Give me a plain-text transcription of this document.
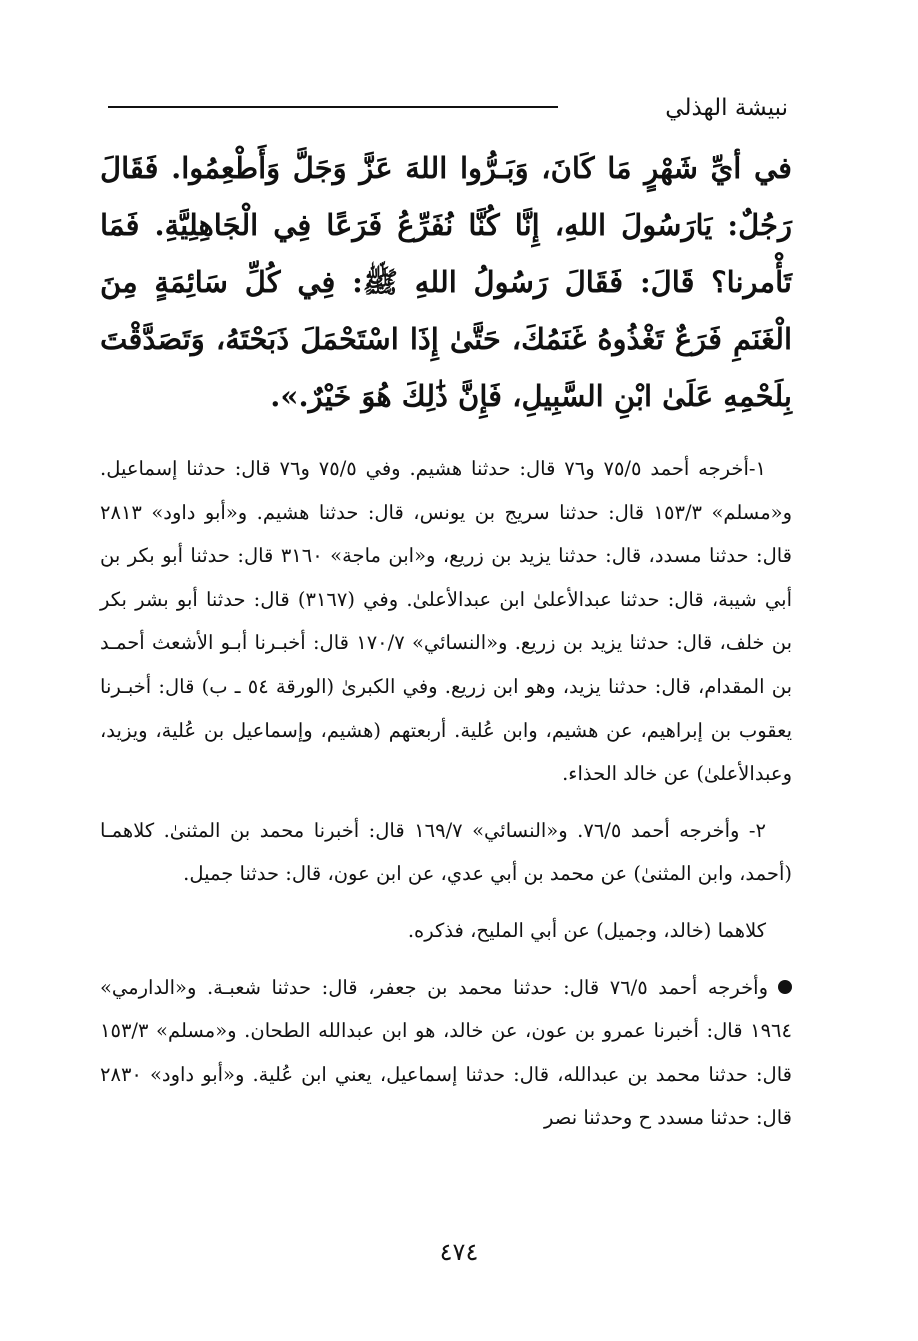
نبيشة الهذلي
في أيِّ شَهْرٍ مَا كَانَ، وَبَـرُّوا اللهَ عَزَّ وَجَلَّ وَأَطْعِمُوا. فَقَالَ رَجُلٌ: يَارَسُولَ اللهِ، إِنَّا كُنَّا نُفَرِّعُ فَرَعًا فِي الْجَاهِلِيَّةِ. فَمَا تَأْمرنا؟ قَالَ: فَقَالَ رَسُولُ اللهِ ﷺ: فِي كُلِّ سَائِمَةٍ مِنَ الْغَنَمِ فَرَعٌ تَغْذُوهُ غَنَمُكَ، حَتَّىٰ إِذَا اسْتَحْمَلَ ذَبَحْتَهُ، وَتَصَدَّقْتَ بِلَحْمِهِ عَلَىٰ ابْنِ السَّبِيلِ، فَإِنَّ ذَٰلِكَ هُوَ خَيْرٌ.».

١-أخرجه أحمد ٧٥/٥ و٧٦ قال: حدثنا هشيم. وفي ٧٥/٥ و٧٦ قال: حدثنا إسماعيل. و«مسلم» ١٥٣/٣ قال: حدثنا سريج بن يونس، قال: حدثنا هشيم. و«أبو داود» ٢٨١٣ قال: حدثنا مسدد، قال: حدثنا يزيد بن زريع، و«ابن ماجة» ٣١٦٠ قال: حدثنا أبو بكر بن أبي شيبة، قال: حدثنا عبدالأعلىٰ ابن عبدالأعلىٰ. وفي (٣١٦٧) قال: حدثنا أبو بشر بكر بن خلف، قال: حدثنا يزيد بن زريع. و«النسائي» ١٧٠/٧ قال: أخبـرنا أبـو الأشعث أحمـد بن المقدام، قال: حدثنا يزيد، وهو ابن زريع. وفي الكبرىٰ (الورقة ٥٤ ـ ب) قال: أخبـرنا يعقوب بن إبراهيم، عن هشيم، وابن عُلية. أربعتهم (هشيم، وإسماعيل بن عُلية، ويزيد، وعبدالأعلىٰ) عن خالد الحذاء.

٢- وأخرجه أحمد ٧٦/٥. و«النسائي» ١٦٩/٧ قال: أخبرنا محمد بن المثنىٰ. كلاهمـا (أحمد، وابن المثنىٰ) عن محمد بن أبي عدي، عن ابن عون، قال: حدثنا جميل.

كلاهما (خالد، وجميل) عن أبي المليح، فذكره.

وأخرجه أحمد ٧٦/٥ قال: حدثنا محمد بن جعفر، قال: حدثنا شعبـة. و«الدارمي» ١٩٦٤ قال: أخبرنا عمرو بن عون، عن خالد، هو ابن عبدالله الطحان. و«مسلم» ١٥٣/٣ قال: حدثنا محمد بن عبدالله، قال: حدثنا إسماعيل، يعني ابن عُلية. و«أبو داود» ٢٨٣٠ قال: حدثنا مسدد ح وحدثنا نصر

٤٧٤
